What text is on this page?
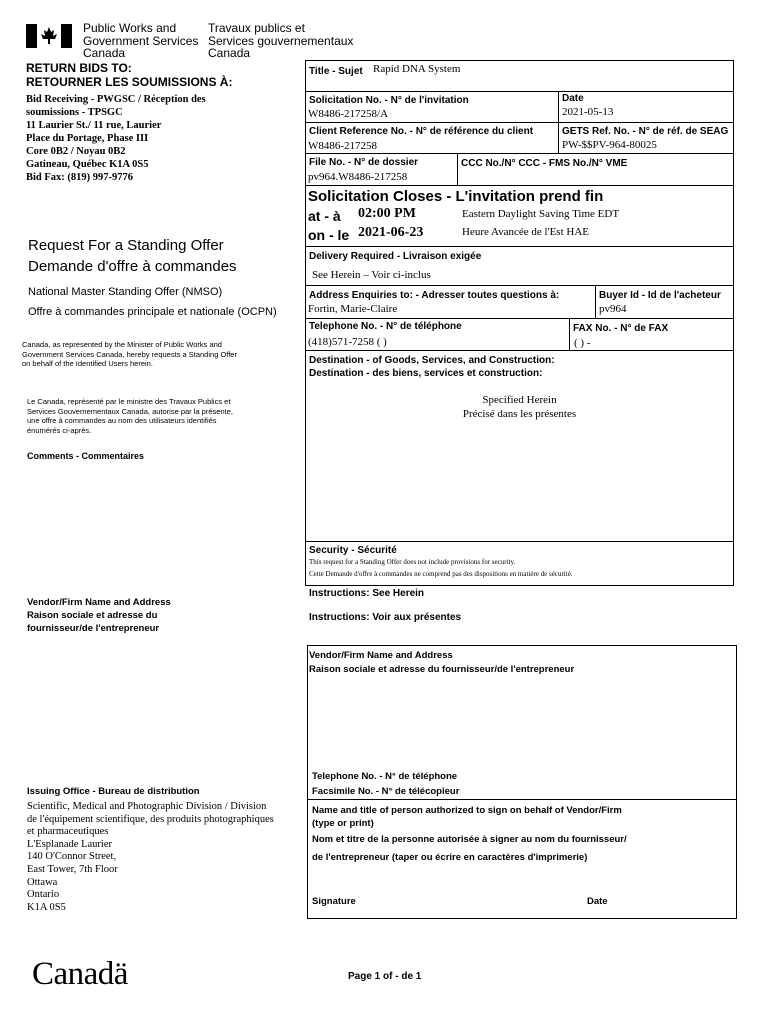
Public Works and
Government Services
Canada
Travaux publics et
Services gouvernementaux
Canada
RETURN BIDS TO:
RETOURNER LES SOUMISSIONS À:
Bid Receiving - PWGSC / Réception des
soumissions - TPSGC
11 Laurier St./ 11 rue, Laurier
Place du Portage, Phase III
Core 0B2 / Noyau 0B2
Gatineau, Québec K1A 0S5
Bid Fax: (819) 997-9776
Request For a Standing Offer
Demande d'offre à commandes
National Master Standing Offer (NMSO)
Offre à commandes principale et nationale (OCPN)
Canada, as represented by the Minister of Public Works and
Government Services Canada, hereby requests a Standing Offer
on behalf of the Identified Users herein.
Le Canada, représenté par le ministre des Travaux Publics et
Services Gouvernementaux Canada, autorise par la présente,
une offre à commandes au nom des utilisateurs identifiés
énumérés ci-après.
Comments - Commentaires
Vendor/Firm Name and Address
Raison sociale et adresse du
fournisseur/de l'entrepreneur
Issuing Office - Bureau de distribution
Scientific, Medical and Photographic Division / Division
de l'équipement scientifique, des produits photographiques
et pharmaceutiques
L'Esplanade Laurier
140 O'Connor Street,
East Tower, 7th Floor
Ottawa
Ontario
K1A 0S5
Title - Sujet Rapid DNA System
Solicitation No. - N° de l'invitation
W8486-217258/A
Date
2021-05-13
Client Reference No. - N° de référence du client
W8486-217258
GETS Ref. No. - N° de réf. de SEAG
PW-$$PV-964-80025
File No. - N° de dossier
pv964.W8486-217258
CCC No./N° CCC - FMS No./N° VME
Solicitation Closes - L'invitation prend fin
at - à 02:00 PM
on - le 2021-06-23
Eastern Daylight Saving Time EDT
Heure Avancée de l'Est HAE
Delivery Required - Livraison exigée
See Herein – Voir ci-inclus
Address Enquiries to: - Adresser toutes questions à:
Fortin, Marie-Claire
Buyer Id - Id de l'acheteur
pv964
Telephone No. - N° de téléphone
(418)571-7258 ( )
FAX No. - N° de FAX
( ) -
Destination - of Goods, Services, and Construction:
Destination - des biens, services et construction:
Specified Herein
Précisé dans les présentes
Security - Sécurité
This request for a Standing Offer does not include provisions for security.
Cette Demande d'offre à commandes ne comprend pas des dispositions en matière de sécurité.
Instructions: See Herein
Instructions: Voir aux présentes
Vendor/Firm Name and Address
Raison sociale et adresse du fournisseur/de l'entrepreneur
Telephone No. - N° de téléphone
Facsimile No. - N° de télécopieur
Name and title of person authorized to sign on behalf of Vendor/Firm
(type or print)
Nom et titre de la personne autorisée à signer au nom du fournisseur/
de l'entrepreneur (taper ou écrire en caractères d'imprimerie)
Signature	Date
Canadä	Page 1 of - de 1
